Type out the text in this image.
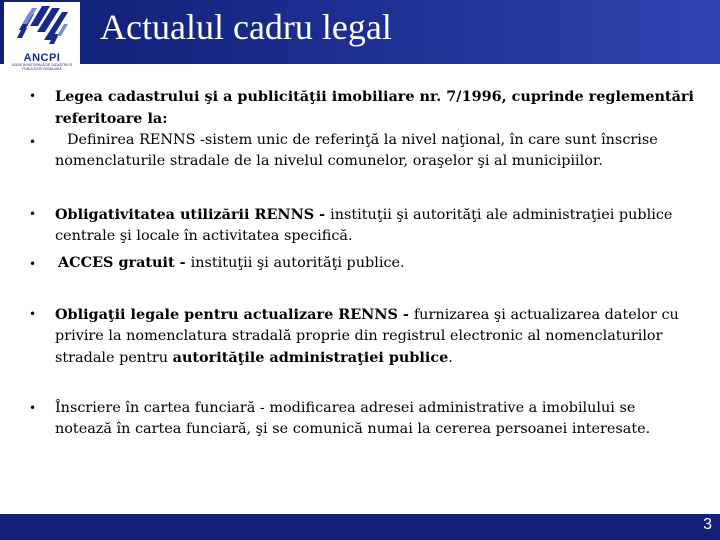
Actualul cadru legal
ANCPI
AGENȚIA NAȚIONALĂ DE CADASTRU ȘI PUBLICITATE IMOBILIARĂ
• Legea cadastrului şi a publicităţii imobiliare nr. 7/1996, cuprinde reglementări referitoare la:
•	Definirea RENNS -sistem unic de referinţă la nivel naţional, în care sunt înscrise nomenclaturile stradale de la nivelul comunelor, oraşelor şi al municipiilor.
• Obligativitatea utilizării RENNS - instituţii şi autorităţi ale administraţiei publice centrale şi locale în activitatea specifică.
• ACCES gratuit - instituţii şi autorităţi publice.
• Obligaţii legale pentru actualizare RENNS - furnizarea şi actualizarea datelor cu privire la nomenclatura stradală proprie din registrul electronic al nomenclaturilor stradale pentru autorităţile administraţiei publice.
• Înscriere în cartea funciară - modificarea adresei administrative a imobilului se notează în cartea funciară, şi se comunică numai la cererea persoanei interesate.
3
